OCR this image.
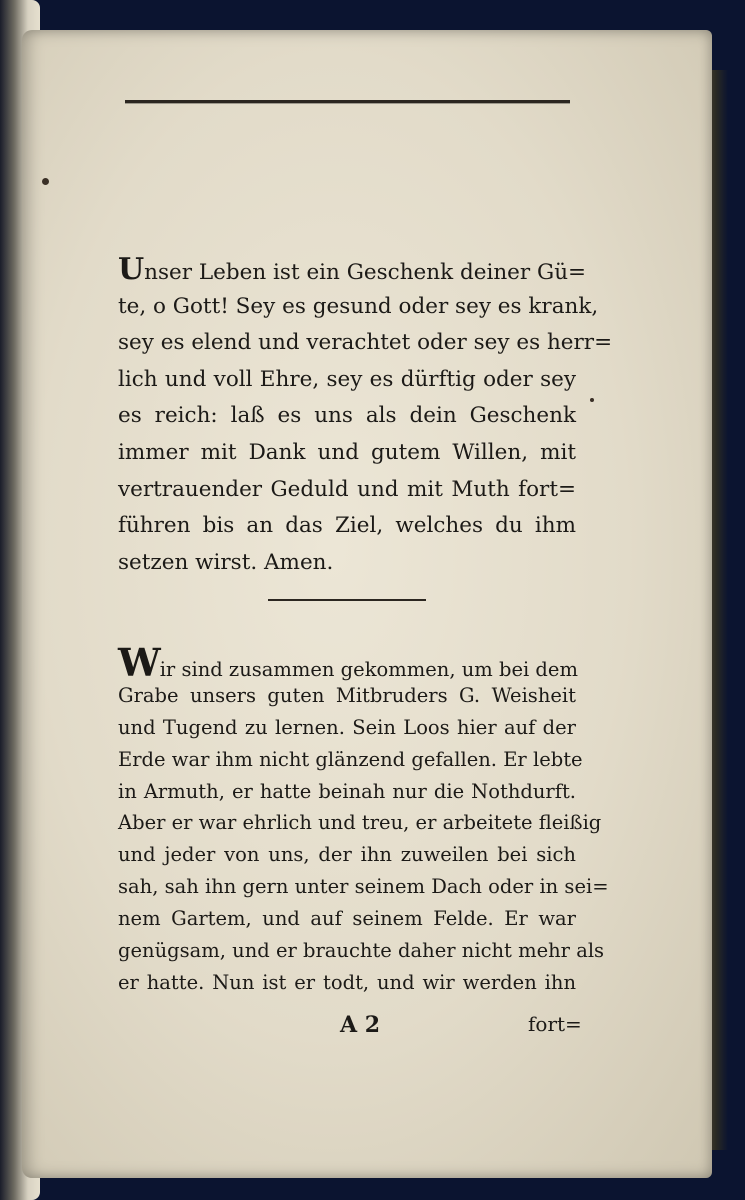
Unser Leben ist ein Geschenk deiner Gü=
te, o Gott! Sey es gesund oder sey es krank,
sey es elend und verachtet oder sey es herr=
lich und voll Ehre, sey es dürftig oder sey
es reich: laß es uns als dein Geschenk
immer mit Dank und gutem Willen, mit
vertrauender Geduld und mit Muth fort=
führen bis an das Ziel, welches du ihm
setzen wirst. Amen.
Wir sind zusammen gekommen, um bei dem
Grabe unsers guten Mitbruders G. Weisheit
und Tugend zu lernen. Sein Loos hier auf der
Erde war ihm nicht glänzend gefallen. Er lebte
in Armuth, er hatte beinah nur die Nothdurft.
Aber er war ehrlich und treu, er arbeitete fleißig
und jeder von uns, der ihn zuweilen bei sich
sah, sah ihn gern unter seinem Dach oder in sei=
nem Gartem, und auf seinem Felde. Er war
genügsam, und er brauchte daher nicht mehr als
er hatte. Nun ist er todt, und wir werden ihn
A 2	fort=
